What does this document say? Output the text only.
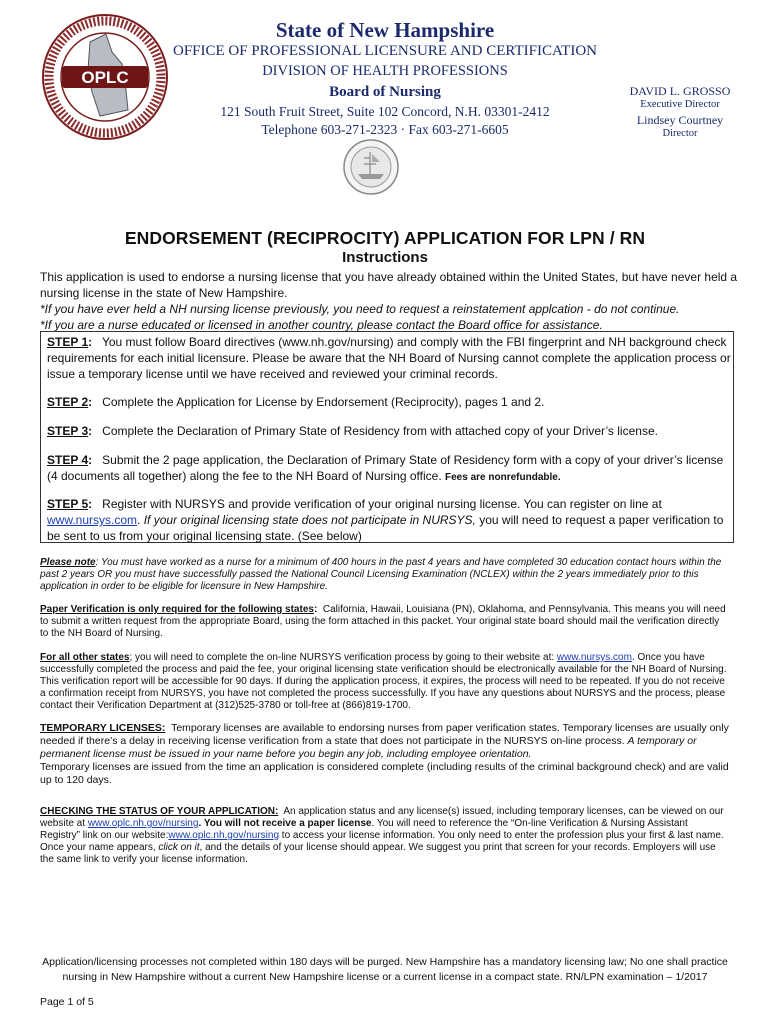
OPLC
State of New Hampshire
OFFICE OF PROFESSIONAL LICENSURE AND CERTIFICATION
DIVISION OF HEALTH PROFESSIONS
Board of Nursing
121 South Fruit Street, Suite 102 Concord, N.H. 03301-2412
Telephone 603-271-2323 · Fax 603-271-6605
DAVID L. GROSSO
Executive Director
Lindsey Courtney
Director
ENDORSEMENT (RECIPROCITY) APPLICATION FOR LPN / RN
Instructions
This application is used to endorse a nursing license that you have already obtained within the United States, but have never held a nursing license in the state of New Hampshire.
*If you have ever held a NH nursing license previously, you need to request a reinstatement applcation - do not continue.
*If you are a nurse educated or licensed in another country, please contact the Board office for assistance.
STEP 1: You must follow Board directives (www.nh.gov/nursing) and comply with the FBI fingerprint and NH background check requirements for each initial licensure. Please be aware that the NH Board of Nursing cannot complete the application process or issue a temporary license until we have received and reviewed your criminal records.
STEP 2: Complete the Application for License by Endorsement (Reciprocity), pages 1 and 2.
STEP 3: Complete the Declaration of Primary State of Residency from with attached copy of your Driver’s license.
STEP 4: Submit the 2 page application, the Declaration of Primary State of Residency form with a copy of your driver’s license (4 documents all together) along the fee to the NH Board of Nursing office. Fees are nonrefundable.
STEP 5: Register with NURSYS and provide verification of your original nursing license. You can register on line at www.nursys.com. If your original licensing state does not participate in NURSYS, you will need to request a paper verification to be sent to us from your original licensing state. (See below)
Please note: You must have worked as a nurse for a minimum of 400 hours in the past 4 years and have completed 30 education contact hours within the past 2 years OR you must have successfully passed the National Council Licensing Examination (NCLEX) within the 2 years immediately prior to this application in order to be eligible for licensure in New Hampshire.
Paper Verification is only required for the following states: California, Hawaii, Louisiana (PN), Oklahoma, and Pennsylvania. This means you will need to submit a written request from the appropriate Board, using the form attached in this packet. Your original state board should mail the verification directly to the NH Board of Nursing.
For all other states; you will need to complete the on-line NURSYS verification process by going to their website at: www.nursys.com. Once you have successfully completed the process and paid the fee, your original licensing state verification should be electronically available for the NH Board of Nursing. This verification report will be accessible for 90 days. If during the application process, it expires, the process will need to be repeated. If you do not receive a confirmation receipt from NURSYS, you have not completed the process successfully. If you have any questions about NURSYS and the process, please contact their Verification Department at (312)525-3780 or toll-free at (866)819-1700.
TEMPORARY LICENSES: Temporary licenses are available to endorsing nurses from paper verification states. Temporary licenses are usually only needed if there’s a delay in receiving license verification from a state that does not participate in the NURSYS on-line process. A temporary or permanent license must be issued in your name before you begin any job, including employee orientation.
Temporary licenses are issued from the time an application is considered complete (including results of the criminal background check) and are valid up to 120 days.
CHECKING THE STATUS OF YOUR APPLICATION: An application status and any license(s) issued, including temporary licenses, can be viewed on our website at www.oplc.nh.gov/nursing. You will not receive a paper license. You will need to reference the “On-line Verification & Nursing Assistant Registry” link on our website:www.oplc.nh.gov/nursing to access your license information. You only need to enter the profession plus your first & last name. Once your name appears, click on it, and the details of your license should appear. We suggest you print that screen for your records. Employers will use the same link to verify your license information.
Application/licensing processes not completed within 180 days will be purged. New Hampshire has a mandatory licensing law; No one shall practice nursing in New Hampshire without a current New Hampshire license or a current license in a compact state. RN/LPN examination – 1/2017
Page 1 of 5
